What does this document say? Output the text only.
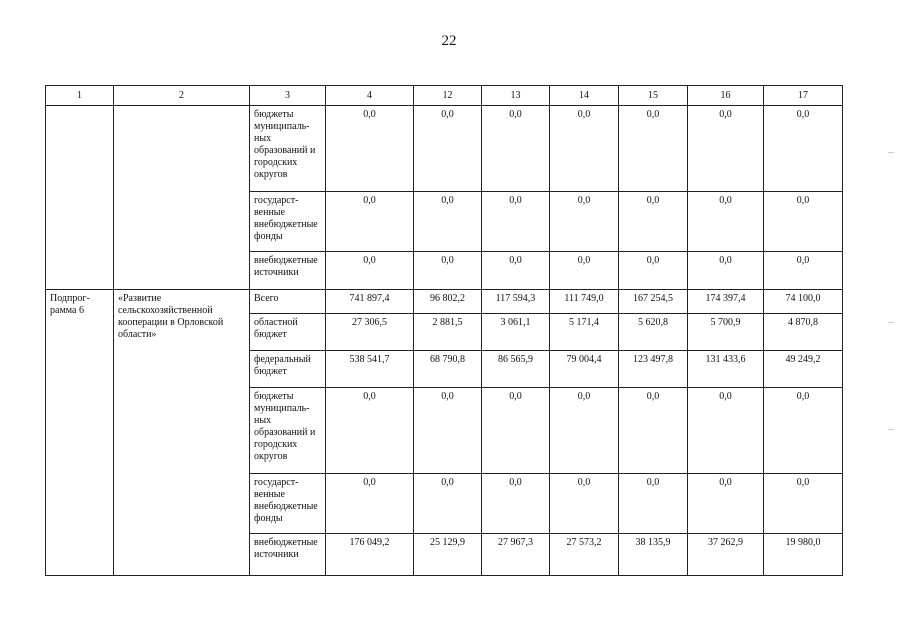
22
1	2	3	4	12	13	14	15	16	17
		бюджеты муниципальных образований и городских округов	0,0	0,0	0,0	0,0	0,0	0,0	0,0
		государственные внебюджетные фонды	0,0	0,0	0,0	0,0	0,0	0,0	0,0
		внебюджетные источники	0,0	0,0	0,0	0,0	0,0	0,0	0,0
Подпрограмма 6	«Развитие сельскохозяйственной кооперации в Орловской области»	Всего	741 897,4	96 802,2	117 594,3	111 749,0	167 254,5	174 397,4	74 100,0
		областной бюджет	27 306,5	2 881,5	3 061,1	5 171,4	5 620,8	5 700,9	4 870,8
		федеральный бюджет	538 541,7	68 790,8	86 565,9	79 004,4	123 497,8	131 433,6	49 249,2
		бюджеты муниципальных образований и городских округов	0,0	0,0	0,0	0,0	0,0	0,0	0,0
		государственные внебюджетные фонды	0,0	0,0	0,0	0,0	0,0	0,0	0,0
		внебюджетные источники	176 049,2	25 129,9	27 967,3	27 573,2	38 135,9	37 262,9	19 980,0
